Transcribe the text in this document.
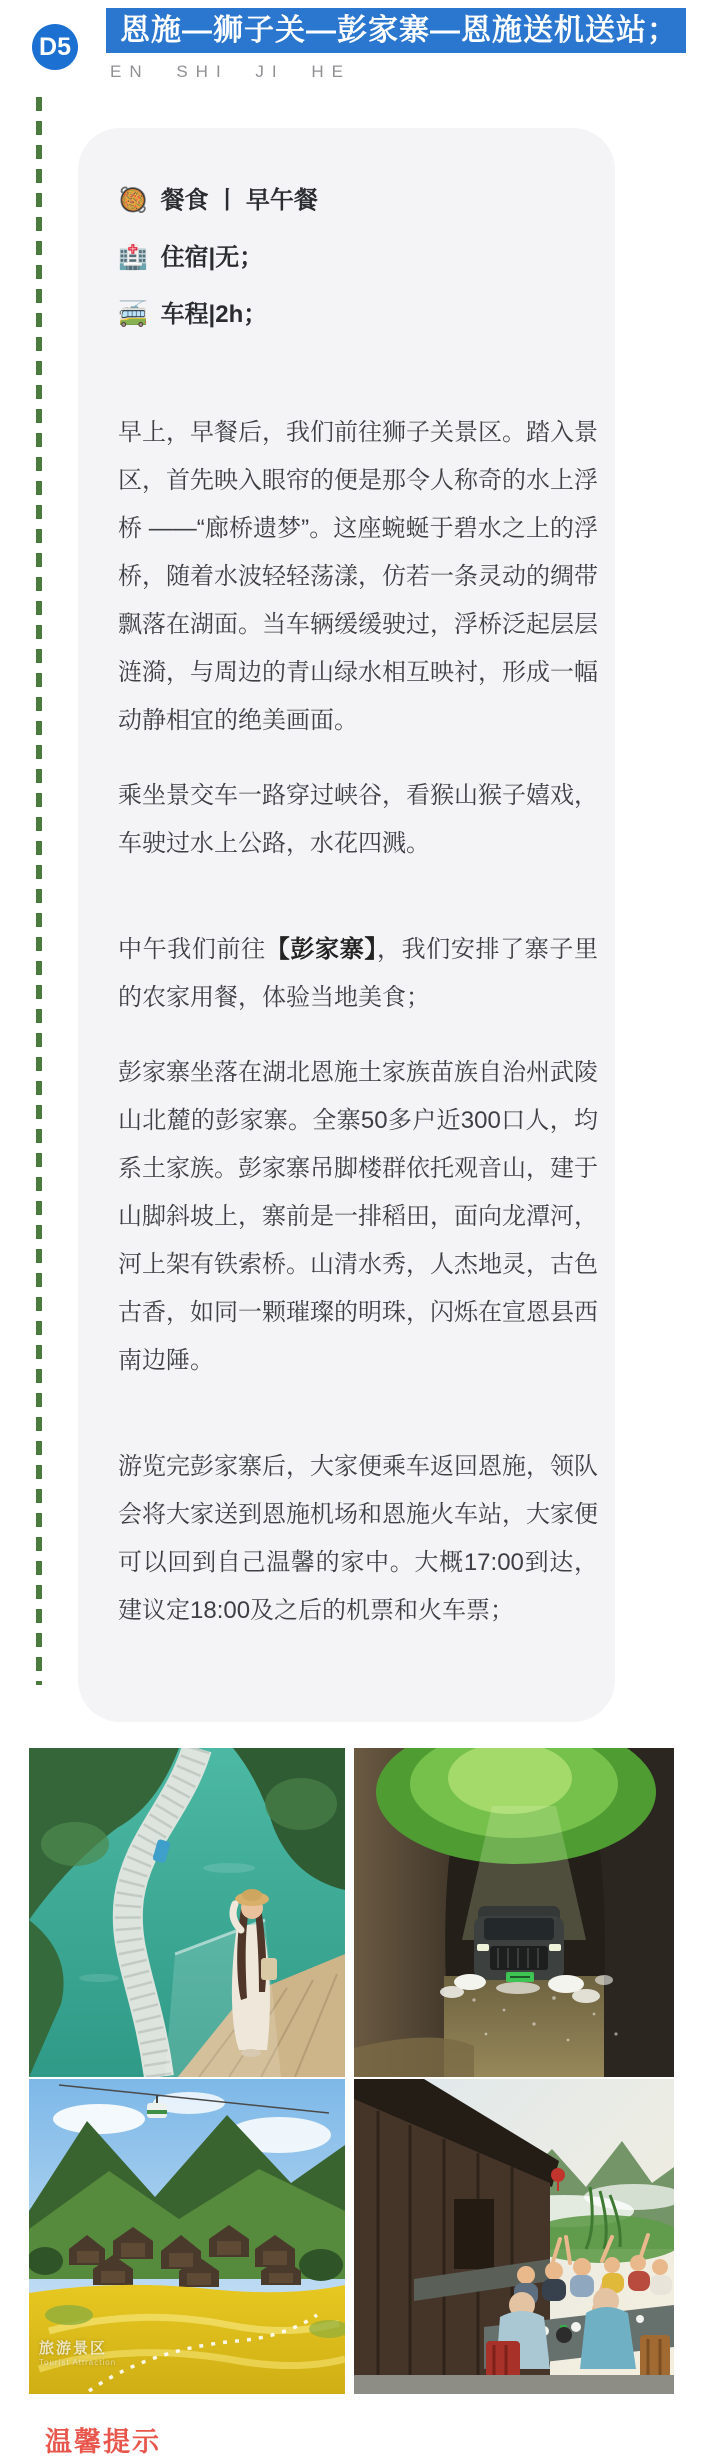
D5	恩施—狮子关—彭家寨—恩施送机送站；
EN SHI JI HE
🥘 餐食 丨 早午餐
🏥 住宿|无；
🚎 车程|2h；

早上，早餐后，我们前往狮子关景区。踏入景区，首先映入眼帘的便是那令人称奇的水上浮桥 ——“廊桥遗梦”。这座蜿蜒于碧水之上的浮桥，随着水波轻轻荡漾，仿若一条灵动的绸带飘落在湖面。当车辆缓缓驶过，浮桥泛起层层涟漪，与周边的青山绿水相互映衬，形成一幅动静相宜的绝美画面。

乘坐景交车一路穿过峡谷，看猴山猴子嬉戏，车驶过水上公路，水花四溅。

中午我们前往【彭家寨】，我们安排了寨子里的农家用餐，体验当地美食；

彭家寨坐落在湖北恩施土家族苗族自治州武陵山北麓的彭家寨。全寨50多户近300口人，均系土家族。彭家寨吊脚楼群依托观音山，建于山脚斜坡上，寨前是一排稻田，面向龙潭河，河上架有铁索桥。山清水秀，人杰地灵，古色古香，如同一颗璀璨的明珠，闪烁在宣恩县西南边陲。

游览完彭家寨后，大家便乘车返回恩施，领队会将大家送到恩施机场和恩施火车站，大家便可以回到自己温馨的家中。大概17:00到达，建议定18:00及之后的机票和火车票；

旅游景区
Tourist Attraction
温馨提示
